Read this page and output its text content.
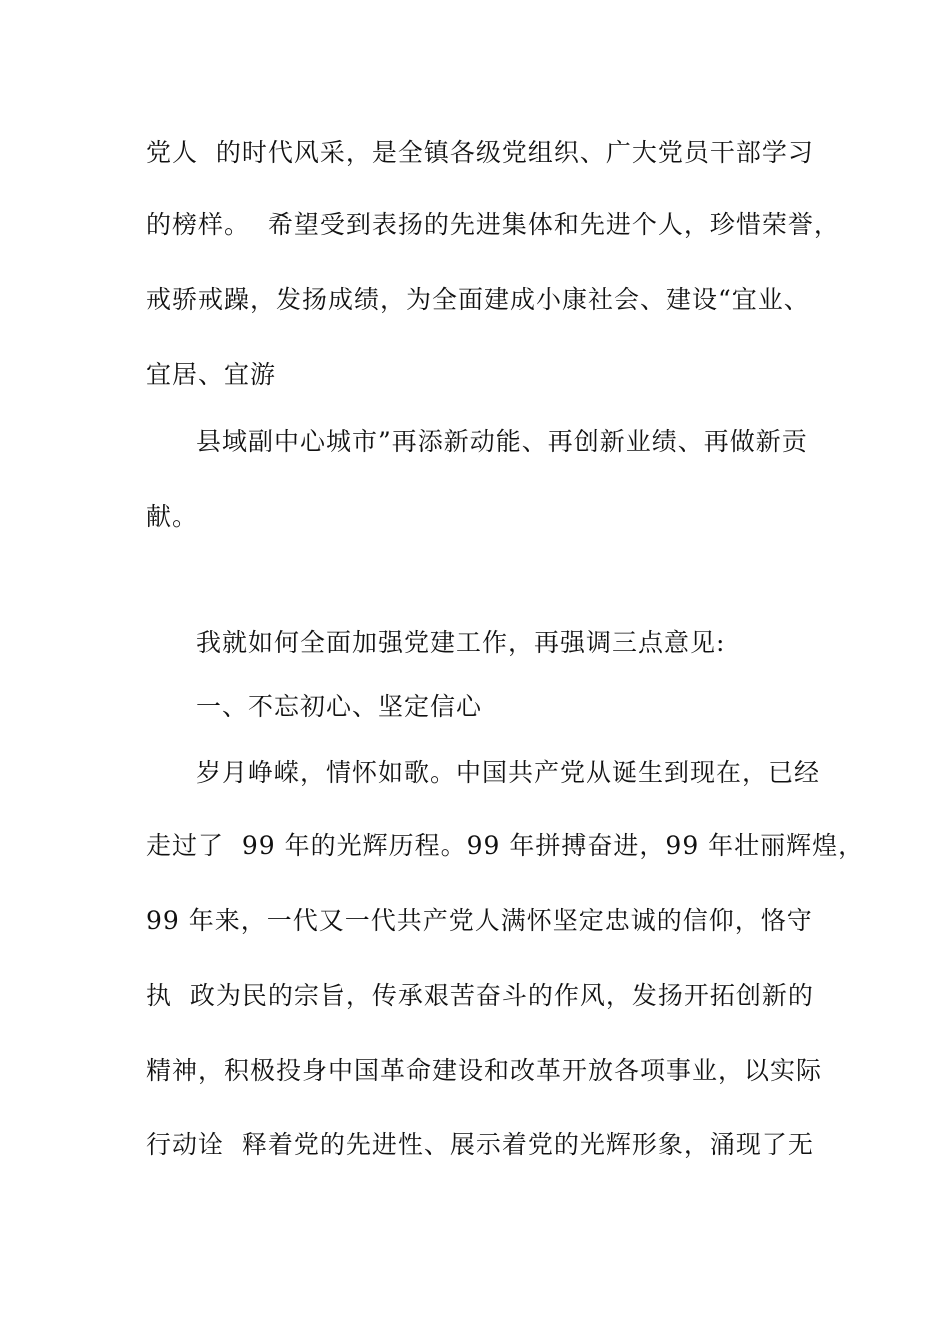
党人  的时代风采，是全镇各级党组织、广大党员干部学习
的榜样。  希望受到表扬的先进集体和先进个人，珍惜荣誉，
戒骄戒躁，发扬成绩，为全面建成小康社会、建设“宜业、
宜居、宜游
县域副中心城市”再添新动能、再创新业绩、再做新贡
献。
我就如何全面加强党建工作，再强调三点意见:
一、不忘初心、坚定信心
岁月峥嵘，情怀如歌。中国共产党从诞生到现在，已经
走过了  99 年的光辉历程。99 年拼搏奋进，99 年壮丽辉煌，
99 年来，一代又一代共产党人满怀坚定忠诚的信仰，恪守
执  政为民的宗旨，传承艰苦奋斗的作风，发扬开拓创新的
精神，积极投身中国革命建设和改革开放各项事业，以实际
行动诠  释着党的先进性、展示着党的光辉形象，涌现了无
